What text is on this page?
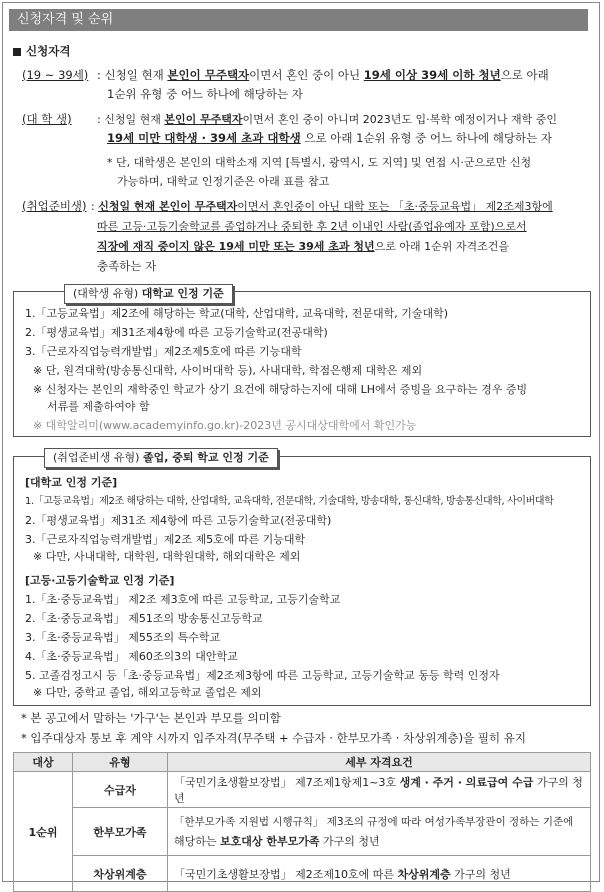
신청자격 및 순위
신청자격
(19 ~ 39세) : 신청일 현재 본인이 무주택자이면서 혼인 중이 아닌 19세 이상 39세 이하 청년으로 아래
1순위 유형 중 어느 하나에 해당하는 자
(대 학 생) : 신청일 현재 본인이 무주택자이면서 혼인 중이 아니며 2023년도 입·복학 예정이거나 재학 중인
19세 미만 대학생 · 39세 초과 대학생 으로 아래 1순위 유형 중 어느 하나에 해당하는 자
* 단, 대학생은 본인의 대학소재 지역 [특별시, 광역시, 도 지역] 및 연접 시·군으로만 신청
가능하며, 대학교 인정기준은 아래 표를 참고
(취업준비생) : 신청일 현재 본인이 무주택자이면서 혼인중이 아닌 대학 또는 「초·중등교육법」 제2조제3항에
따른 고등·고등기술학교를 졸업하거나 중퇴한 후 2년 이내인 사람(졸업유예자 포함)으로서
직장에 재직 중이지 않은 19세 미만 또는 39세 초과 청년으로 아래 1순위 자격조건을
충족하는 자
(대학생 유형) 대학교 인정 기준
1.「고등교육법」제2조에 해당하는 학교(대학, 산업대학, 교육대학, 전문대학, 기술대학)
2.「평생교육법」제31조제4항에 따른 고등기술학교(전공대학)
3.「근로자직업능력개발법」제2조제5호에 따른 기능대학
※ 단, 원격대학(방송통신대학, 사이버대학 등), 사내대학, 학점은행제 대학은 제외
※ 신청자는 본인의 재학중인 학교가 상기 요건에 해당하는지에 대해 LH에서 증빙을 요구하는 경우 증빙
서류를 제출하여야 함
※ 대학알리미(www.academyinfo.go.kr)-2023년 공시대상대학에서 확인가능
(취업준비생 유형) 졸업, 중퇴 학교 인정 기준
[대학교 인정 기준]
1.「고등교육법」제2조 해당하는 대학, 산업대학, 교육대학, 전문대학, 기술대학, 방송대학, 통신대학, 방송통신대학, 사이버대학
2.「평생교육법」제31조 제4항에 따른 고등기술학교(전공대학)
3.「근로자직업능력개발법」제2조 제5호에 따른 기능대학
※ 다만, 사내대학, 대학원, 대학원대학, 해외대학은 제외
[고등·고등기술학교 인정 기준]
1.「초·중등교육법」 제2조 제3호에 따른 고등학교, 고등기술학교
2.「초·중등교육법」 제51조의 방송통신고등학교
3.「초·중등교육법」 제55조의 특수학교
4.「초·중등교육법」 제60조의3의 대안학교
5. 고졸검정고시 등「초·중등교육법」제2조제3항에 따른 고등학교, 고등기술학교 동등 학력 인정자
※ 다만, 중학교 졸업, 해외고등학교 졸업은 제외
* 본 공고에서 말하는 '가구'는 본인과 부모를 의미함
* 입주대상자 통보 후 계약 시까지 입주자격(무주택 + 수급자 · 한부모가족 · 차상위계층)을 필히 유지
대상	유형	세부 자격요건
1순위	수급자	「국민기초생활보장법」 제7조제1항제1~3호 생계 · 주거 · 의료급여 수급 가구의 청년
	한부모가족	「한부모가족 지원법 시행규칙」 제3조의 규정에 따라 여성가족부장관이 정하는 기준에
해당하는 보호대상 한부모가족 가구의 청년

	차상위계층	「국민기초생활보장법」 제2조제10호에 따른 차상위계층 가구의 청년
